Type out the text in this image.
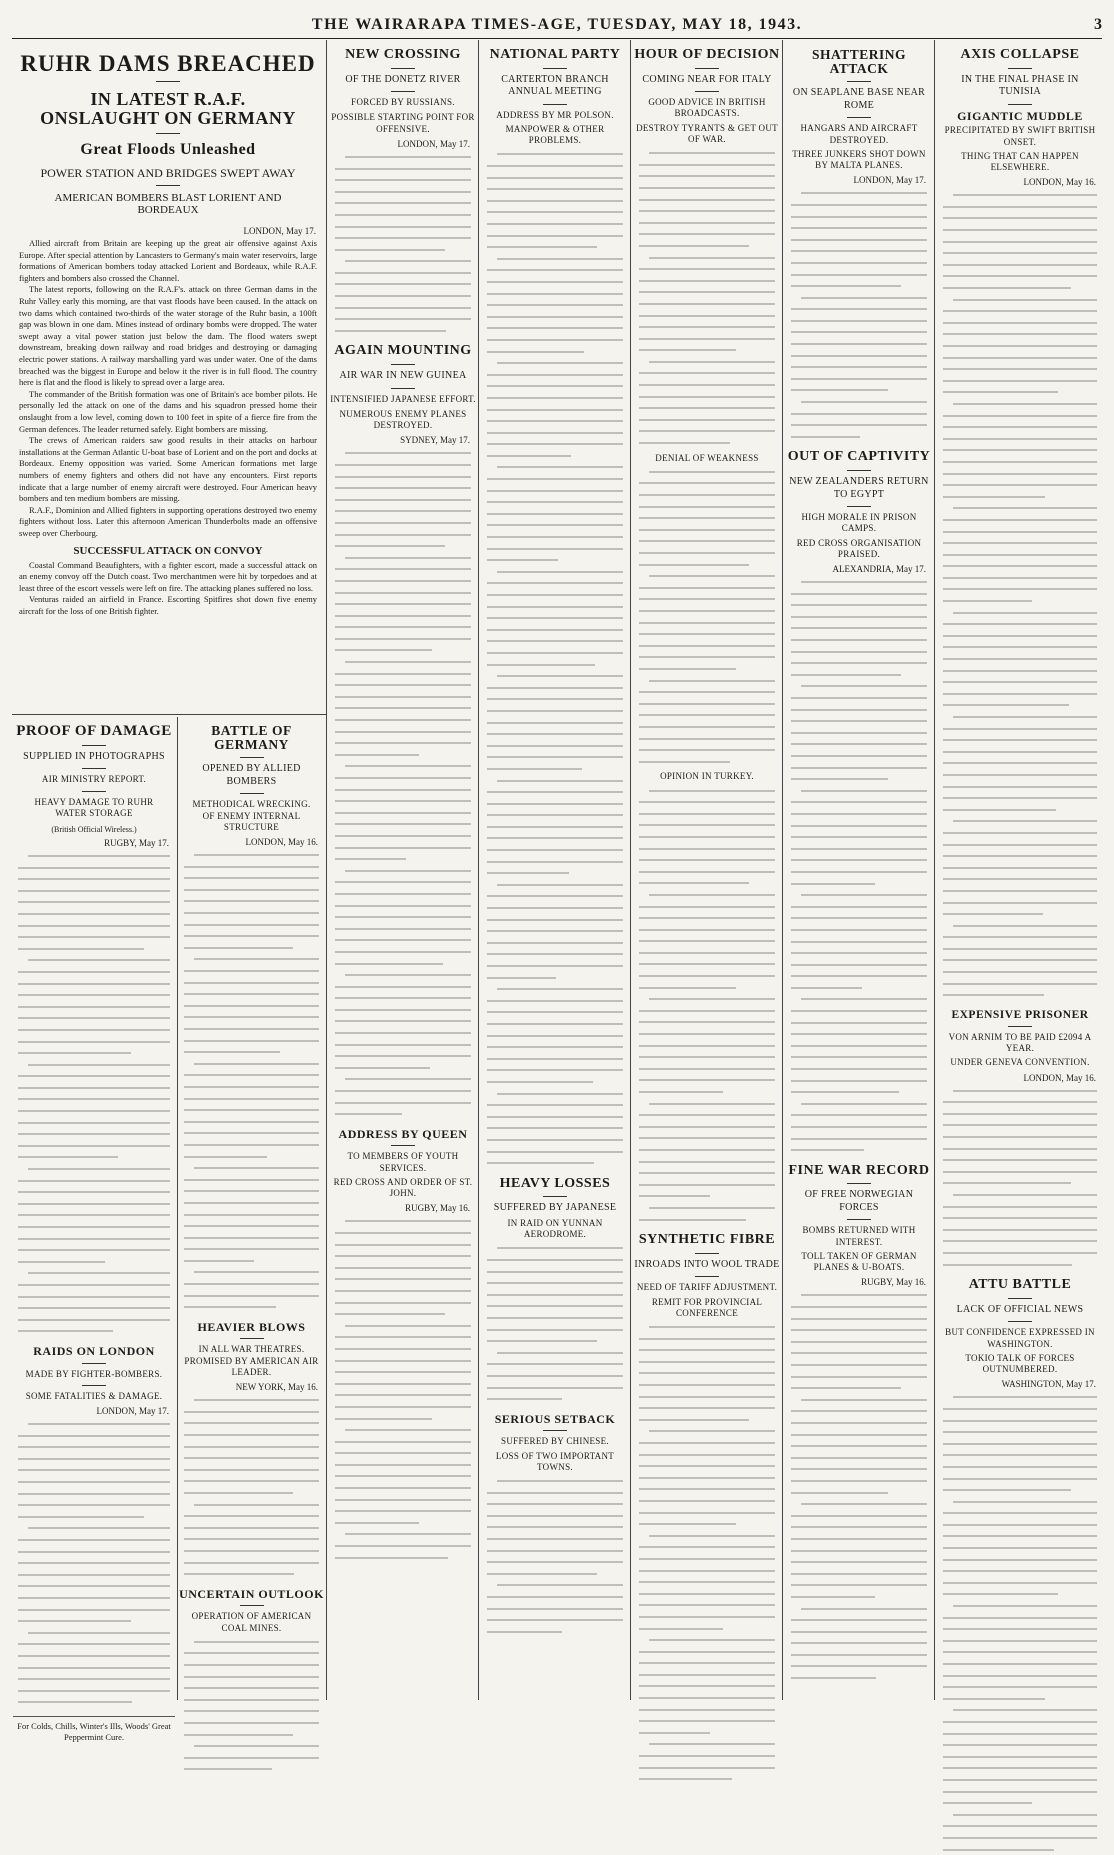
THE WAIRARAPA TIMES-AGE, TUESDAY, MAY 18, 1943.	3
RUHR DAMS BREACHED
IN LATEST R.A.F. ONSLAUGHT ON GERMANY
Great Floods Unleashed
POWER STATION AND BRIDGES SWEPT AWAY
AMERICAN BOMBERS BLAST LORIENT AND BORDEAUX
LONDON, May 17.

Allied aircraft from Britain are keeping up the great air offensive against Axis Europe. After special attention by Lancasters to Germany's main water reservoirs, large formations of American bombers today attacked Lorient and Bordeaux, while R.A.F. fighters and bombers also crossed the Channel.

The latest reports, following on the R.A.F's. attack on three German dams in the Ruhr Valley early this morning, are that vast floods have been caused. In the attack on two dams which contained two-thirds of the water storage of the Ruhr basin, a 100ft gap was blown in one dam. Mines instead of ordinary bombs were dropped. The water swept away a vital power station just below the dam. The flood waters swept downstream, breaking down railway and road bridges and destroying or damaging electric power stations. A railway marshalling yard was under water. One of the dams breached was the biggest in Europe and below it the river is in full flood. The country here is flat and the flood is likely to spread over a large area.

The commander of the British formation was one of Britain's ace bomber pilots. He personally led the attack on one of the dams and his squadron pressed home their onslaught from a low level, coming down to 100 feet in spite of a fierce fire from the German defences. The leader returned safely. Eight bombers are missing.

The crews of American raiders saw good results in their attacks on harbour installations at the German Atlantic U-boat base of Lorient and on the port and docks at Bordeaux. Enemy opposition was varied. Some American formations met large numbers of enemy fighters and others did not have any encounters. First reports indicate that a large number of enemy aircraft were destroyed. Four American heavy bombers and ten medium bombers are missing.

R.A.F., Dominion and Allied fighters in supporting operations destroyed two enemy fighters without loss. Later this afternoon American Thunderbolts made an offensive sweep over Cherbourg.

SUCCESSFUL ATTACK ON CONVOY

Coastal Command Beaufighters, with a fighter escort, made a successful attack on an enemy convoy off the Dutch coast. Two merchantmen were hit by torpedoes and at least three of the escort vessels were left on fire. The attacking planes suffered no loss.

Venturas raided an airfield in France. Escorting Spitfires shot down five enemy aircraft for the loss of one British fighter.

PROOF OF DAMAGE
SUPPLIED IN PHOTOGRAPHS
AIR MINISTRY REPORT.
HEAVY DAMAGE TO RUHR WATER STORAGE
(British Official Wireless.)
RUGBY, May 17.
RAIDS ON LONDON
MADE BY FIGHTER-BOMBERS.
SOME FATALITIES & DAMAGE.
LONDON, May 17.
For Colds, Chills, Winter's Ills, Woods' Great Peppermint Cure.
BATTLE OF GERMANY
OPENED BY ALLIED BOMBERS
METHODICAL WRECKING.
OF ENEMY INTERNAL STRUCTURE
LONDON, May 16.
HEAVIER BLOWS
IN ALL WAR THEATRES.
PROMISED BY AMERICAN AIR LEADER.
NEW YORK, May 16.
UNCERTAIN OUTLOOK
OPERATION OF AMERICAN COAL MINES.
NEW CROSSING
OF THE DONETZ RIVER
FORCED BY RUSSIANS.
POSSIBLE STARTING POINT FOR OFFENSIVE.
LONDON, May 17.
AGAIN MOUNTING
AIR WAR IN NEW GUINEA
INTENSIFIED JAPANESE EFFORT.
NUMEROUS ENEMY PLANES DESTROYED.
SYDNEY, May 17.
ADDRESS BY QUEEN
TO MEMBERS OF YOUTH SERVICES.
RED CROSS AND ORDER OF ST. JOHN.
RUGBY, May 16.
NATIONAL PARTY
CARTERTON BRANCH ANNUAL MEETING
ADDRESS BY MR POLSON.
MANPOWER & OTHER PROBLEMS.
HEAVY LOSSES
SUFFERED BY JAPANESE
IN RAID ON YUNNAN AERODROME.
SERIOUS SETBACK
SUFFERED BY CHINESE.
LOSS OF TWO IMPORTANT TOWNS.
HOUR OF DECISION
COMING NEAR FOR ITALY
GOOD ADVICE IN BRITISH BROADCASTS.
DESTROY TYRANTS & GET OUT OF WAR.
DENIAL OF WEAKNESS
OPINION IN TURKEY.
SYNTHETIC FIBRE
INROADS INTO WOOL TRADE
NEED OF TARIFF ADJUSTMENT.
REMIT FOR PROVINCIAL CONFERENCE
SHATTERING ATTACK
ON SEAPLANE BASE NEAR ROME
HANGARS AND AIRCRAFT DESTROYED.
THREE JUNKERS SHOT DOWN BY MALTA PLANES.
LONDON, May 17.
OUT OF CAPTIVITY
NEW ZEALANDERS RETURN TO EGYPT
HIGH MORALE IN PRISON CAMPS.
RED CROSS ORGANISATION PRAISED.
ALEXANDRIA, May 17.
FINE WAR RECORD
OF FREE NORWEGIAN FORCES
BOMBS RETURNED WITH INTEREST.
TOLL TAKEN OF GERMAN PLANES & U-BOATS.
RUGBY, May 16.
AXIS COLLAPSE
IN THE FINAL PHASE IN TUNISIA
GIGANTIC MUDDLE
PRECIPITATED BY SWIFT BRITISH ONSET.
THING THAT CAN HAPPEN ELSEWHERE.
LONDON, May 16.
EXPENSIVE PRISONER
VON ARNIM TO BE PAID £2094 A YEAR.
UNDER GENEVA CONVENTION.
LONDON, May 16.
ATTU BATTLE
LACK OF OFFICIAL NEWS
BUT CONFIDENCE EXPRESSED IN WASHINGTON.
TOKIO TALK OF FORCES OUTNUMBERED.
WASHINGTON, May 17.
